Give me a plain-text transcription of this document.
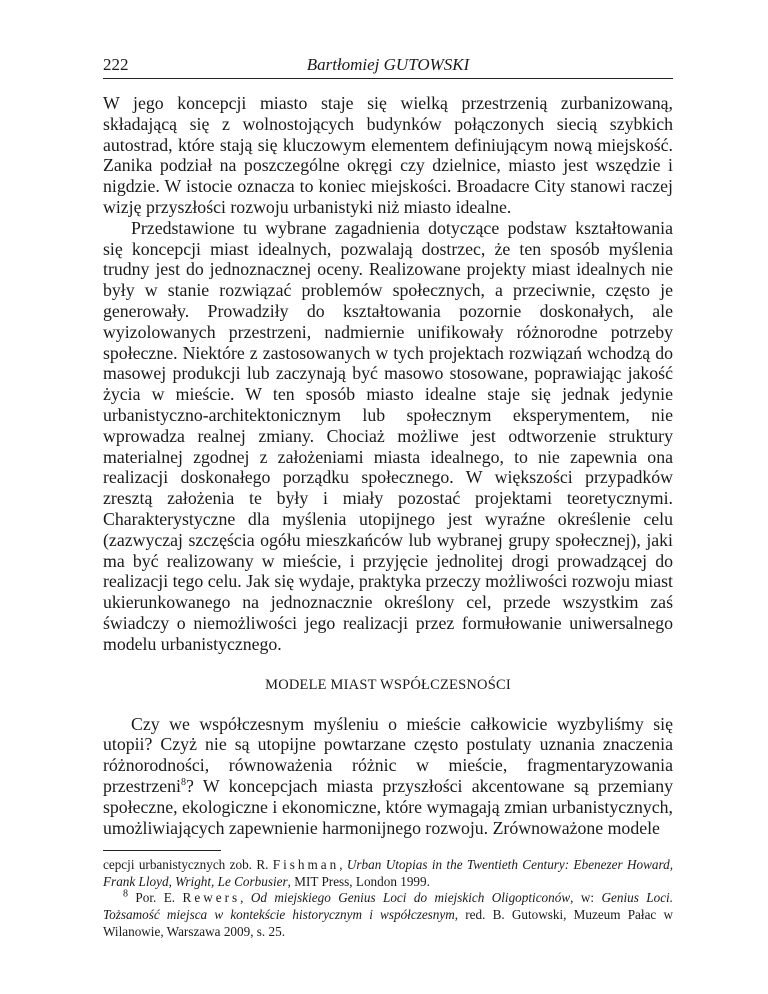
222	Bartłomiej GUTOWSKI

W jego koncepcji miasto staje się wielką przestrzenią zurbanizowaną, składającą się z wolnostojących budynków połączonych siecią szybkich autostrad, które stają się kluczowym elementem definiującym nową miejskość. Zanika podział na poszczególne okręgi czy dzielnice, miasto jest wszędzie i nigdzie. W istocie oznacza to koniec miejskości. Broadacre City stanowi raczej wizję przyszłości rozwoju urbanistyki niż miasto idealne.

Przedstawione tu wybrane zagadnienia dotyczące podstaw kształtowania się koncepcji miast idealnych, pozwalają dostrzec, że ten sposób myślenia trudny jest do jednoznacznej oceny. Realizowane projekty miast idealnych nie były w stanie rozwiązać problemów społecznych, a przeciwnie, często je generowały. Prowadziły do kształtowania pozornie doskonałych, ale wyizolowanych przestrzeni, nadmiernie unifikowały różnorodne potrzeby społeczne. Niektóre z zastosowanych w tych projektach rozwiązań wchodzą do masowej produkcji lub zaczynają być masowo stosowane, poprawiając jakość życia w mieście. W ten sposób miasto idealne staje się jednak jedynie urbanistyczno-architektonicznym lub społecznym eksperymentem, nie wprowadza realnej zmiany. Chociaż możliwe jest odtworzenie struktury materialnej zgodnej z założeniami miasta idealnego, to nie zapewnia ona realizacji doskonałego porządku społecznego. W większości przypadków zresztą założenia te były i miały pozostać projektami teoretycznymi. Charakterystyczne dla myślenia utopijnego jest wyraźne określenie celu (zazwyczaj szczęścia ogółu mieszkańców lub wybranej grupy społecznej), jaki ma być realizowany w mieście, i przyjęcie jednolitej drogi prowadzącej do realizacji tego celu. Jak się wydaje, praktyka przeczy możliwości rozwoju miast ukierunkowanego na jednoznacznie określony cel, przede wszystkim zaś świadczy o niemożliwości jego realizacji przez formułowanie uniwersalnego modelu urbanistycznego.

MODELE MIAST WSPÓŁCZESNOŚCI

Czy we współczesnym myśleniu o mieście całkowicie wyzbyliśmy się utopii? Czyż nie są utopijne powtarzane często postulaty uznania znaczenia różnorodności, równoważenia różnic w mieście, fragmentaryzowania przestrzeni$^8$? W koncepcjach miasta przyszłości akcentowane są przemiany społeczne, ekologiczne i ekonomiczne, które wymagają zmian urbanistycznych, umożliwiających zapewnienie harmonijnego rozwoju. Zrównoważone modele

cepcji urbanistycznych zob. R. Fishman, Urban Utopias in the Twentieth Century: Ebenezer Howard, Frank Lloyd, Wright, Le Corbusier, MIT Press, London 1999.

$^8$ Por. E. Rewers, Od miejskiego Genius Loci do miejskich Oligopticonów, w: Genius Loci. Tożsamość miejsca w kontekście historycznym i współczesnym, red. B. Gutowski, Muzeum Pałac w Wilanowie, Warszawa 2009, s. 25.
